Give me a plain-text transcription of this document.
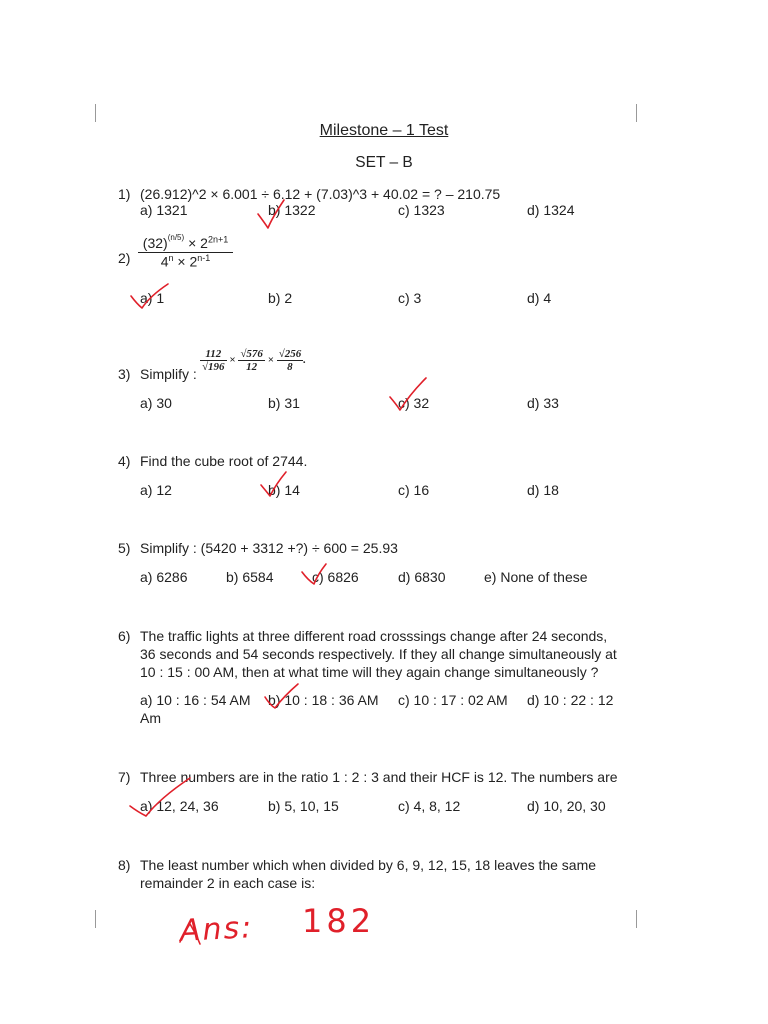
Milestone – 1 Test
SET – B
1) (26.912)^2 × 6.001 ÷ 6.12 + (7.03)^3 + 40.02 = ? – 210.75
a) 1321	b) 1322	c) 1323	d) 1324
$2) \frac{(32)^{(n/5)} \times 2^{2n+1}}{4^n \times 2^{n-1}}$
a) 1	b) 2	c) 3	d) 4
3) Simplify :
$\frac{112}{√196} \times \frac{√576}{12} \times \frac{√256}{8}$ .
a) 30	b) 31	c) 32	d) 33
4) Find the cube root of 2744.
a) 12	b) 14	c) 16	d) 18
5) Simplify : (5420 + 3312 +?) ÷ 600 = 25.93
a) 6286	b) 6584	c) 6826	d) 6830	e) None of these
6) The traffic lights at three different road crosssings change after 24 seconds,
36 seconds and 54 seconds respectively. If they all change simultaneously at
10 : 15 : 00 AM, then at what time will they again change simultaneously ?
a) 10 : 16 : 54 AM b) 10 : 18 : 36 AM c) 10 : 17 : 02 AM d) 10 : 22 : 12
Am
7) Three numbers are in the ratio 1 : 2 : 3 and their HCF is 12. The numbers are
a) 12, 24, 36	b) 5, 10, 15	c) 4, 8, 12	d) 10, 20, 30
8) The least number which when divided by 6, 9, 12, 15, 18 leaves the same
remainder 2 in each case is:
Ans: 182
